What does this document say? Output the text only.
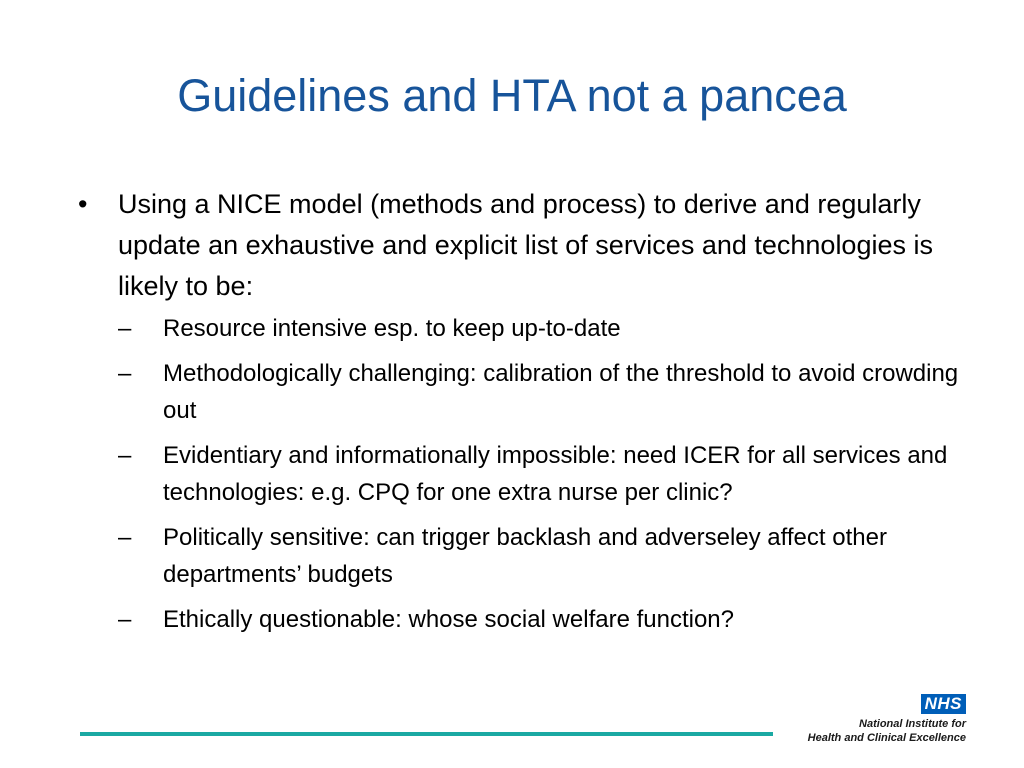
Guidelines and HTA not a pancea
•	Using a NICE model (methods and process) to derive and regularly update an exhaustive and explicit list of services and technologies is likely to be:
–	Resource intensive esp. to keep up-to-date
–	Methodologically challenging: calibration of the threshold to avoid crowding out
–	Evidentiary and informationally impossible: need ICER for all services and technologies: e.g. CPQ for one extra nurse per clinic?
–	Politically sensitive: can trigger backlash and adverseley affect other departments’ budgets
–	Ethically questionable: whose social welfare function?
NHS
National Institute for
Health and Clinical Excellence
